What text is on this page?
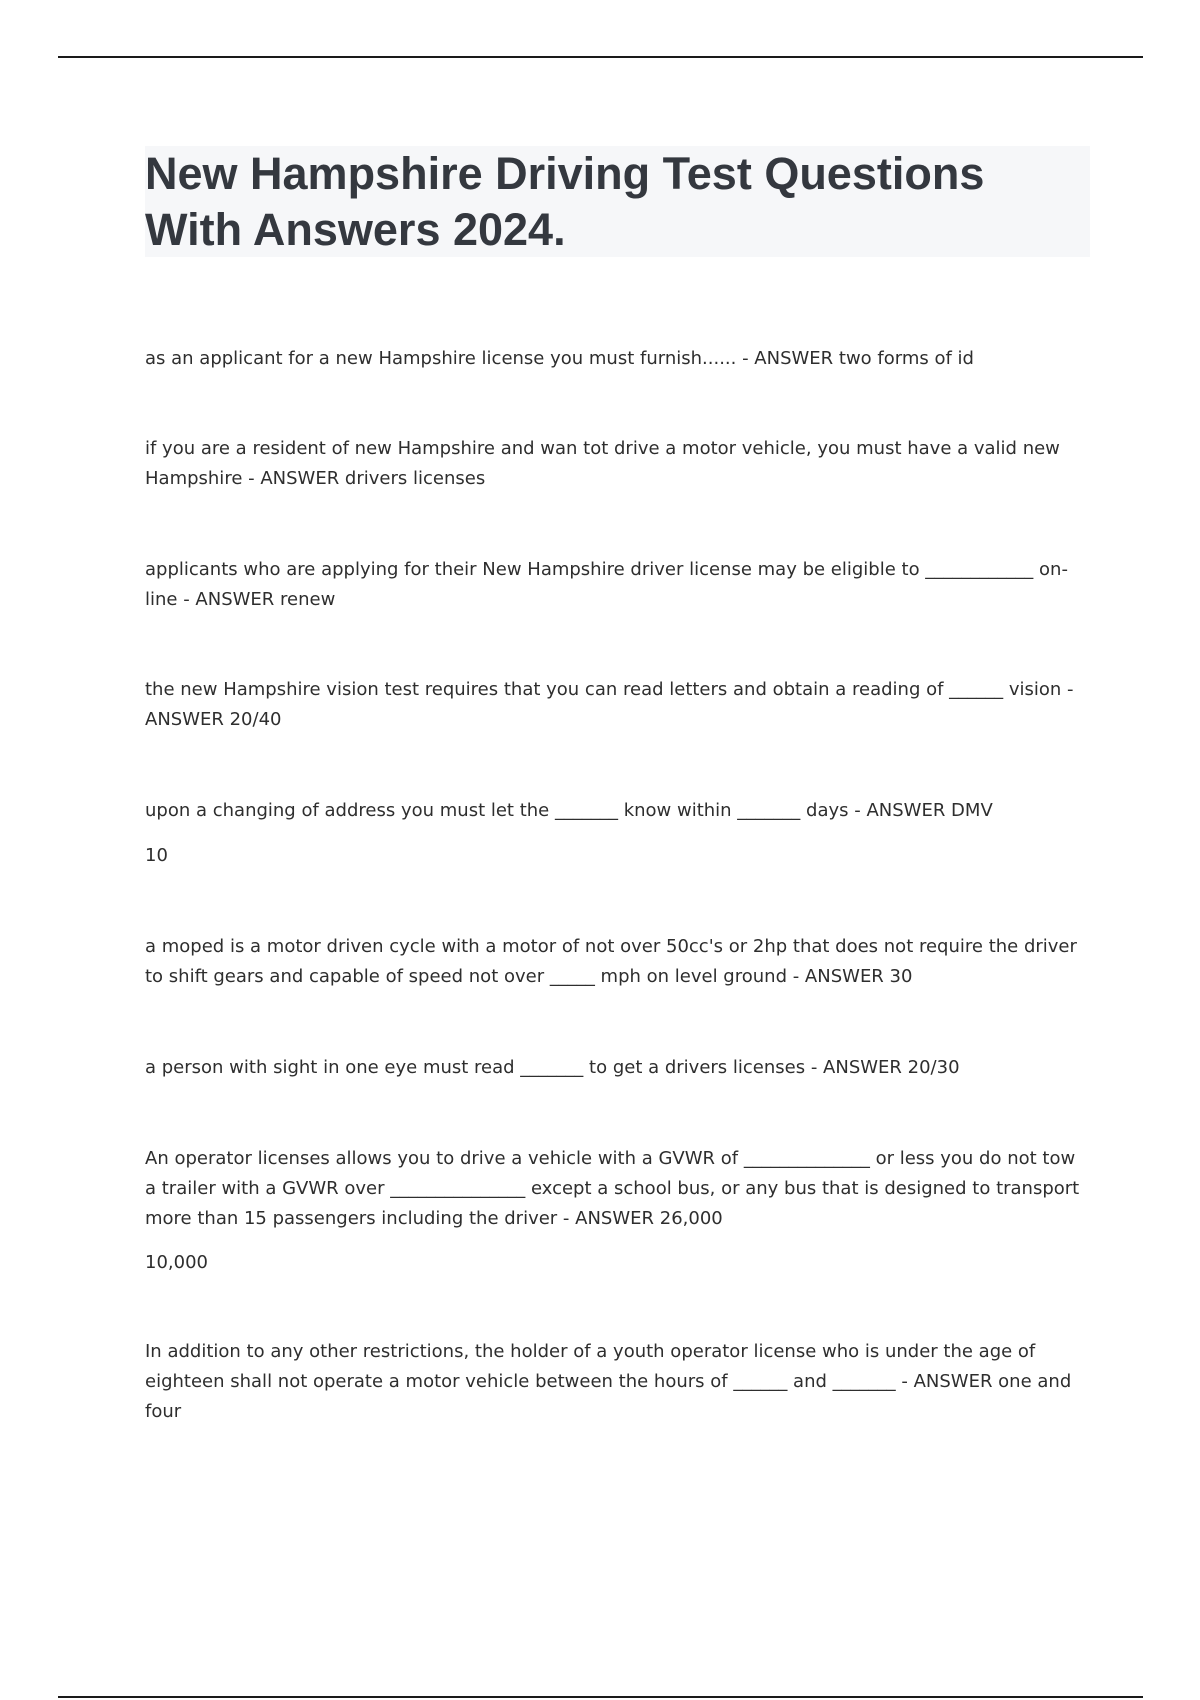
New Hampshire Driving Test Questions
With Answers 2024.

as an applicant for a new Hampshire license you must furnish...... - ANSWER two forms of id

if you are a resident of new Hampshire and wan tot drive a motor vehicle, you must have a valid new Hampshire - ANSWER drivers licenses

applicants who are applying for their New Hampshire driver license may be eligible to ____________ on-line - ANSWER renew

the new Hampshire vision test requires that you can read letters and obtain a reading of ______ vision - ANSWER 20/40

upon a changing of address you must let the _______ know within _______ days - ANSWER DMV

10

a moped is a motor driven cycle with a motor of not over 50cc's or 2hp that does not require the driver to shift gears and capable of speed not over _____ mph on level ground - ANSWER 30

a person with sight in one eye must read _______ to get a drivers licenses - ANSWER 20/30

An operator licenses allows you to drive a vehicle with a GVWR of ______________ or less you do not tow a trailer with a GVWR over _______________ except a school bus, or any bus that is designed to transport more than 15 passengers including the driver - ANSWER 26,000

10,000

In addition to any other restrictions, the holder of a youth operator license who is under the age of eighteen shall not operate a motor vehicle between the hours of ______ and _______ - ANSWER one and four
